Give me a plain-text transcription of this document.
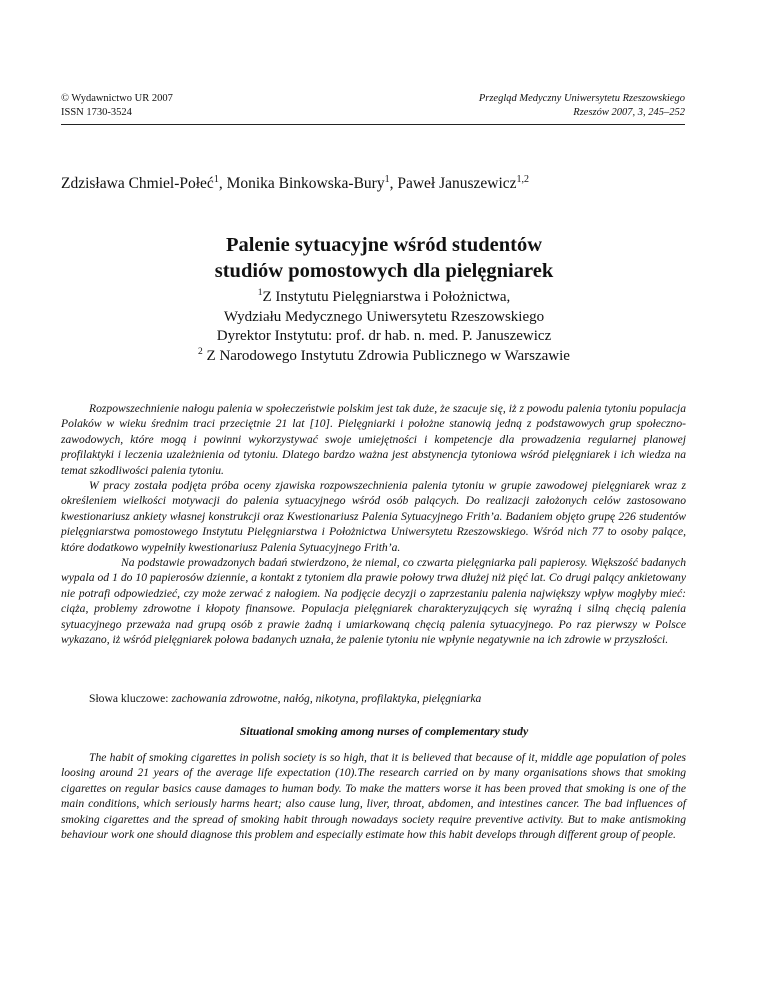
© Wydawnictwo UR 2007
ISSN 1730-3524
Przegląd Medyczny Uniwersytetu Rzeszowskiego
Rzeszów 2007, 3, 245–252
Zdzisława Chmiel-Połeć$^1$, Monika Binkowska-Bury$^1$, Paweł Januszewicz$^{1,2}$
Palenie sytuacyjne wśród studentów
studiów pomostowych dla pielęgniarek
$^1$Z Instytutu Pielęgniarstwa i Położnictwa,
Wydziału Medycznego Uniwersytetu Rzeszowskiego
Dyrektor Instytutu: prof. dr hab. n. med. P. Januszewicz
$^2$ Z Narodowego Instytutu Zdrowia Publicznego w Warszawie

Rozpowszechnienie nałogu palenia w społeczeństwie polskim jest tak duże, że szacuje się, iż z powodu palenia tytoniu populacja Polaków w wieku średnim traci przeciętnie 21 lat [10]. Pielęgniarki i położne stanowią jedną z podstawowych grup społeczno-zawodowych, które mogą i powinni wykorzystywać swoje umiejętności i kompetencje dla prowadzenia regularnej planowej profilaktyki i leczenia uzależnienia od tytoniu. Dlatego bardzo ważna jest abstynencja tytoniowa wśród pielęgniarek i ich wiedza na temat szkodliwości palenia tytoniu.

W pracy została podjęta próba oceny zjawiska rozpowszechnienia palenia tytoniu w grupie zawodowej pielęgniarek wraz z określeniem wielkości motywacji do palenia sytuacyjnego wśród osób palących. Do realizacji założonych celów zastosowano kwestionariusz ankiety własnej konstrukcji oraz Kwestionariusz Palenia Sytuacyjnego Frith’a. Badaniem objęto grupę 226 studentów pielęgniarstwa pomostowego Instytutu Pielęgniarstwa i Położnictwa Uniwersytetu Rzeszowskiego. Wśród nich 77 to osoby palące, które dodatkowo wypełniły kwestionariusz Palenia Sytuacyjnego Frith’a.

Na podstawie prowadzonych badań stwierdzono, że niemal, co czwarta pielęgniarka pali papierosy. Większość badanych wypala od 1 do 10 papierosów dziennie, a kontakt z tytoniem dla prawie połowy trwa dłużej niż pięć lat. Co drugi palący ankietowany nie potrafi odpowiedzieć, czy może zerwać z nałogiem. Na podjęcie decyzji o zaprzestaniu palenia największy wpływ mogłyby mieć: ciąża, problemy zdrowotne i kłopoty finansowe. Populacja pielęgniarek charakteryzujących się wyraźną i silną chęcią palenia sytuacyjnego przeważa nad grupą osób z prawie żadną i umiarkowaną chęcią palenia sytuacyjnego. Po raz pierwszy w Polsce wykazano, iż wśród pielęgniarek połowa badanych uznała, że palenie tytoniu nie wpłynie negatywnie na ich zdrowie w przyszłości.

Słowa kluczowe: zachowania zdrowotne, nałóg, nikotyna, profilaktyka, pielęgniarka
Situational smoking among nurses of complementary study

The habit of smoking cigarettes in polish society is so high, that it is believed that because of it, middle age population of poles loosing around 21 years of the average life expectation (10).The research carried on by many organisations shows that smoking cigarettes on regular basics cause damages to human body. To make the matters worse it has been proved that smoking is one of the main conditions, which seriously harms heart; also cause lung, liver, throat, abdomen, and intestines cancer. The bad influences of smoking cigarettes and the spread of smoking habit through nowadays society require preventive activity. But to make antismoking behaviour work one should diagnose this problem and especially estimate how this habit develops through different group of people.
